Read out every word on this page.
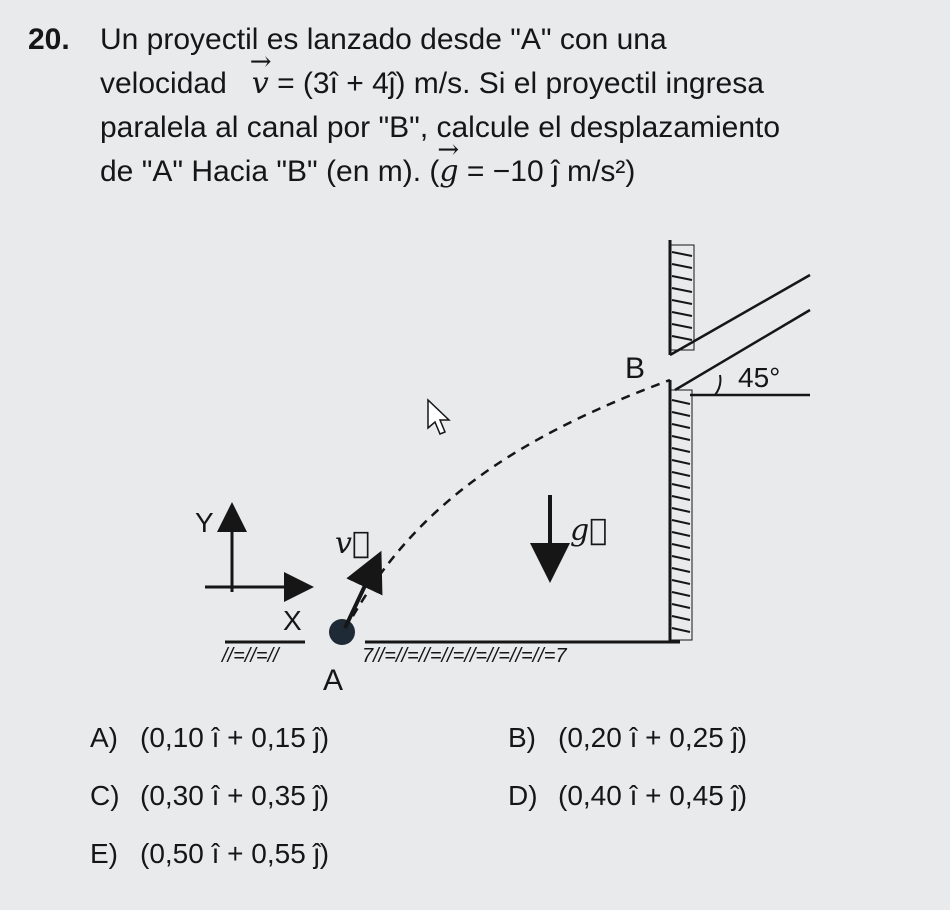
20. Un proyectil es lanzado desde "A" con una
velocidad   → v = (3î + 4ĵ) m/s. Si el proyectil ingresa
paralela al canal por "B", calcule el desplazamiento
de "A" Hacia "B" (en m). (→ g = −10 ĵ m/s²)
//=//=//	7//=//=//=//=//=//=//=//=7
45°
B
v⃗
A
Y
X
g⃗
A) (0,10 î + 0,15 ĵ)	B) (0,20 î + 0,25 ĵ)
C) (0,30 î + 0,35 ĵ)	D) (0,40 î + 0,45 ĵ)
E) (0,50 î + 0,55 ĵ)
